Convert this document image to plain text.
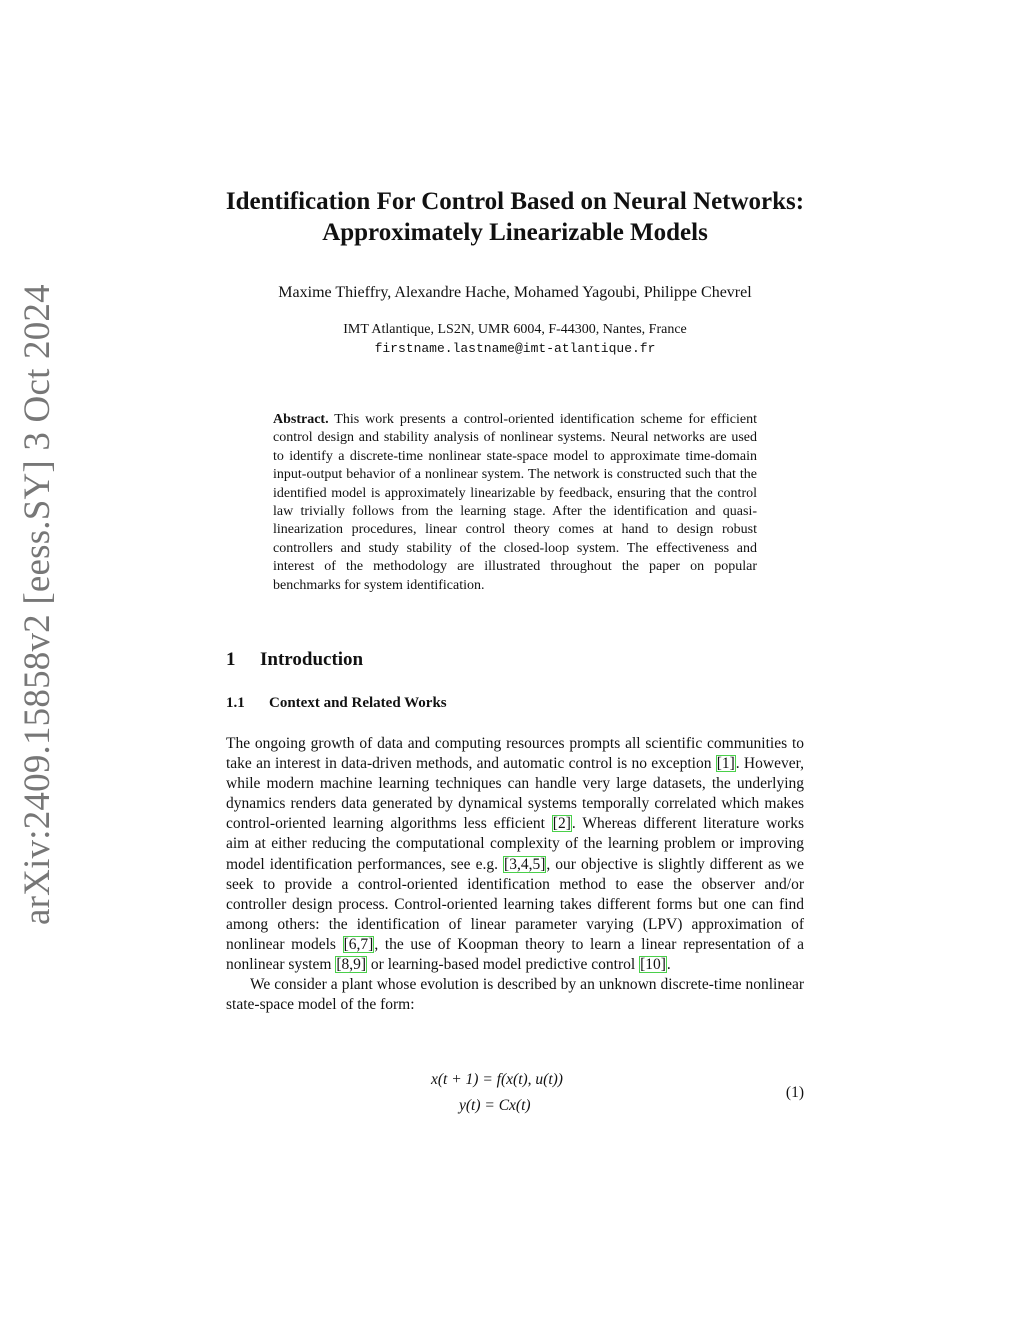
arXiv:2409.15858v2 [eess.SY] 3 Oct 2024
Identification For Control Based on Neural Networks: Approximately Linearizable Models
Maxime Thieffry, Alexandre Hache, Mohamed Yagoubi, Philippe Chevrel
IMT Atlantique, LS2N, UMR 6004, F-44300, Nantes, France
firstname.lastname@imt-atlantique.fr
Abstract. This work presents a control-oriented identification scheme for efficient control design and stability analysis of nonlinear systems. Neural networks are used to identify a discrete-time nonlinear state-space model to approximate time-domain input-output behavior of a nonlinear system. The network is constructed such that the identified model is approximately linearizable by feedback, ensuring that the control law trivially follows from the learning stage. After the identification and quasi-linearization procedures, linear control theory comes at hand to design robust controllers and study stability of the closed-loop system. The effectiveness and interest of the methodology are illustrated throughout the paper on popular benchmarks for system identification.
1 Introduction
1.1 Context and Related Works

The ongoing growth of data and computing resources prompts all scientific communities to take an interest in data-driven methods, and automatic control is no exception [1]. However, while modern machine learning techniques can handle very large datasets, the underlying dynamics renders data generated by dynamical systems temporally correlated which makes control-oriented learning algorithms less efficient [2]. Whereas different literature works aim at either reducing the computational complexity of the learning problem or improving model identification performances, see e.g. [3,4,5], our objective is slightly different as we seek to provide a control-oriented identification method to ease the observer and/or controller design process. Control-oriented learning takes different forms but one can find among others: the identification of linear parameter varying (LPV) approximation of nonlinear models [6,7], the use of Koopman theory to learn a linear representation of a nonlinear system [8,9] or learning-based model predictive control [10].

We consider a plant whose evolution is described by an unknown discrete-time nonlinear state-space model of the form:

x(t + 1) = f(x(t), u(t))
y(t) = Cx(t)
(1)
